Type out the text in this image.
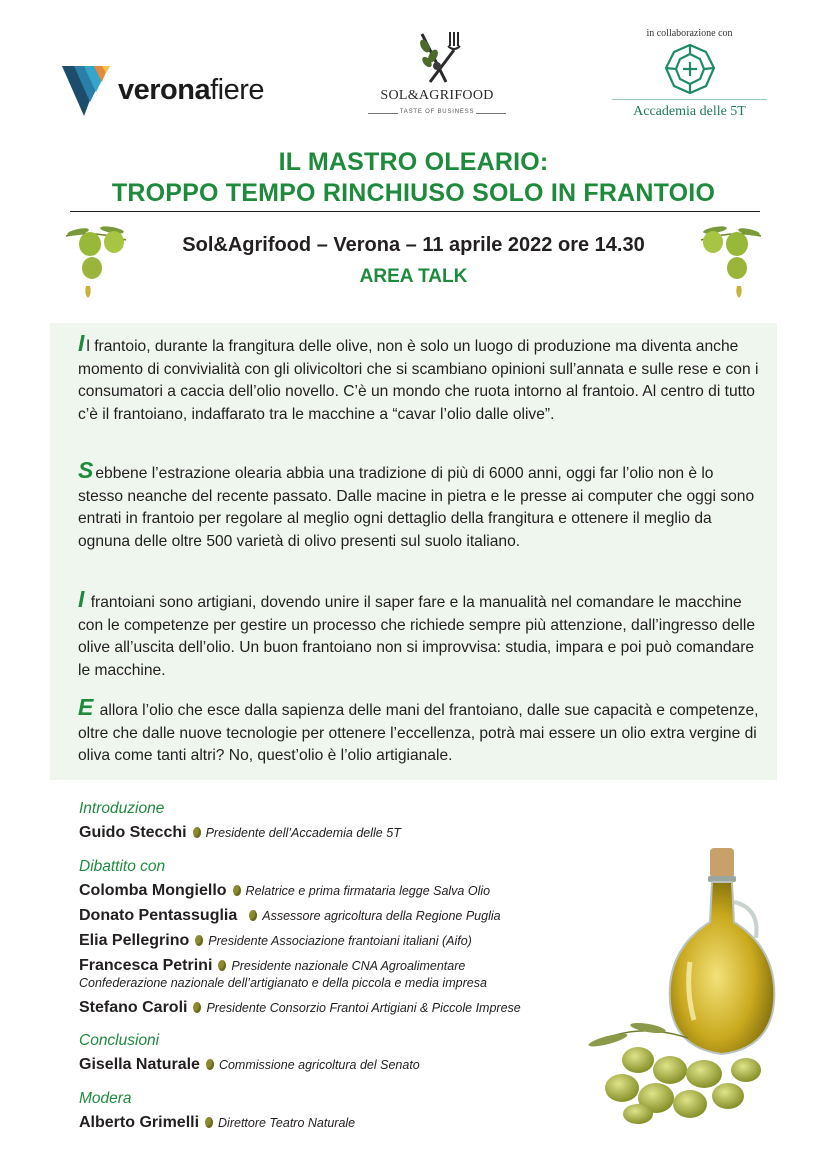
veronafiere	SOL&AGRIFOOD
TASTE OF BUSINESS
in collaborazione con
Accademia delle 5T
IL MASTRO OLEARIO:
TROPPO TEMPO RINCHIUSO SOLO IN FRANTOIO
Sol&Agrifood – Verona – 11 aprile 2022 ore 14.30
AREA TALK
I l frantoio, durante la frangitura delle olive, non è solo un luogo di produzione ma diventa anche momento di convivialità con gli olivicoltori che si scambiano opinioni sull’annata e sulle rese e con i consumatori a caccia dell’olio novello. C’è un mondo che ruota intorno al frantoio. Al centro di tutto c’è il frantoiano, indaffarato tra le macchine a “cavar l’olio dalle olive”.
S ebbene l’estrazione olearia abbia una tradizione di più di 6000 anni, oggi far l’olio non è lo stesso neanche del recente passato. Dalle macine in pietra e le presse ai computer che oggi sono entrati in frantoio per regolare al meglio ogni dettaglio della frangitura e ottenere il meglio da ognuna delle oltre 500 varietà di olivo presenti sul suolo italiano.
I frantoiani sono artigiani, dovendo unire il saper fare e la manualità nel comandare le macchine con le competenze per gestire un processo che richiede sempre più attenzione, dall’ingresso delle olive all’uscita dell’olio. Un buon frantoiano non si improvvisa: studia, impara e poi può comandare le macchine.
E allora l’olio che esce dalla sapienza delle mani del frantoiano, dalle sue capacità e competenze, oltre che dalle nuove tecnologie per ottenere l’eccellenza, potrà mai essere un olio extra vergine di oliva come tanti altri? No, quest’olio è l’olio artigianale.
Introduzione
Guido Stecchi Presidente dell’Accademia delle 5T
Dibattito con
Colomba Mongiello Relatrice e prima firmataria legge Salva Olio
Donato Pentassuglia Assessore agricoltura della Regione Puglia
Elia Pellegrino Presidente Associazione frantoiani italiani (Aifo)
Francesca Petrini Presidente nazionale CNA Agroalimentare
Confederazione nazionale dell’artigianato e della piccola e media impresa
Stefano Caroli Presidente Consorzio Frantoi Artigiani & Piccole Imprese
Conclusioni
Gisella Naturale Commissione agricoltura del Senato
Modera
Alberto Grimelli Direttore Teatro Naturale
